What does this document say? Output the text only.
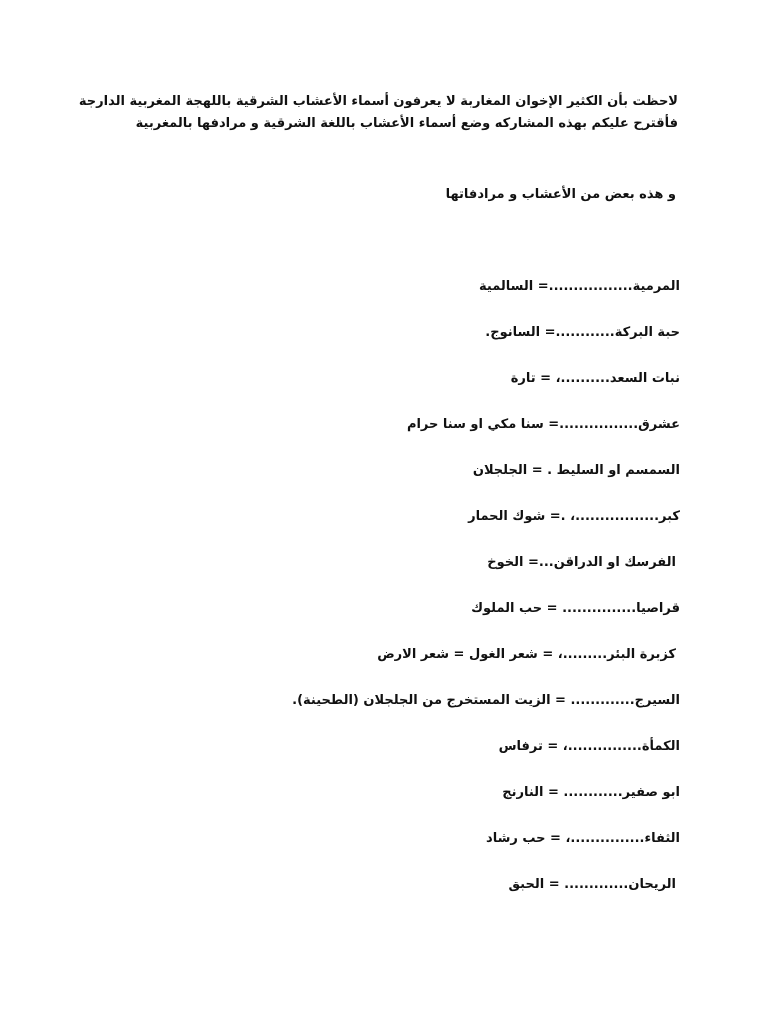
لاحظت بأن الكثير الإخوان المغاربة لا يعرفون أسماء الأعشاب الشرقية باللهجة المغربية الدارجة
فأقترح عليكم بهذه المشاركه وضع أسماء الأعشاب باللغة الشرقية و مرادفها بالمغربية
و هذه بعض من الأعشاب و مرادفاتها
المرمية.................= السالمية
حبة البركة............= السانوج.
نبات السعد..........، = تارة
عشرق................= سنا مكي او سنا حرام
السمسم او السليط . = الجلجلان
كبر.................، .= شوك الحمار
الفرسك او الدراقن...= الخوخ
قراصيا............... = حب الملوك
كزبرة البئر.........، = شعر الغول = شعر الارض
السيرج............. = الزيت المستخرج من الجلجلان (الطحينة).
الكمأة...............، = ترفاس
ابو صفير............ = النارنج
الثفاء...............، = حب رشاد
الريحان............. = الحبق
